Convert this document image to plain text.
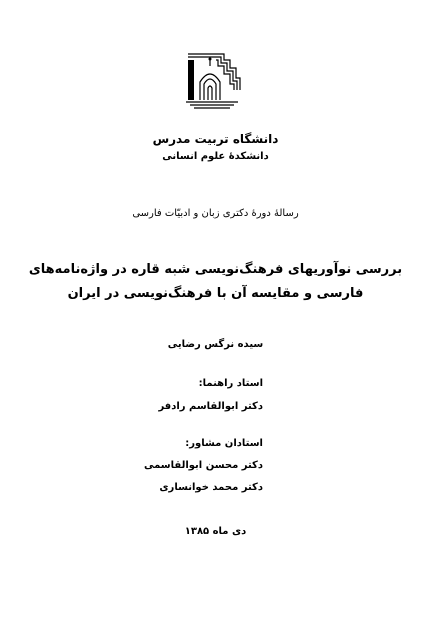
دانشگاه تربیت مدرس
دانشکدهٔ علوم انسانی
رسالهٔ دورهٔ دکتری زبان و ادبیّات فارسی
بررسی نوآوریهای فرهنگ‌نویسی شبه قاره در واژه‌نامه‌های
فارسی و مقایسه آن با فرهنگ‌نویسی در ایران
سیده نرگس رضایی
استاد راهنما:
دکتر ابوالقاسم رادفر
استادان مشاور:
دکتر محسن ابوالقاسمی
دکتر محمد خوانساری
دی ماه ۱۳۸۵
